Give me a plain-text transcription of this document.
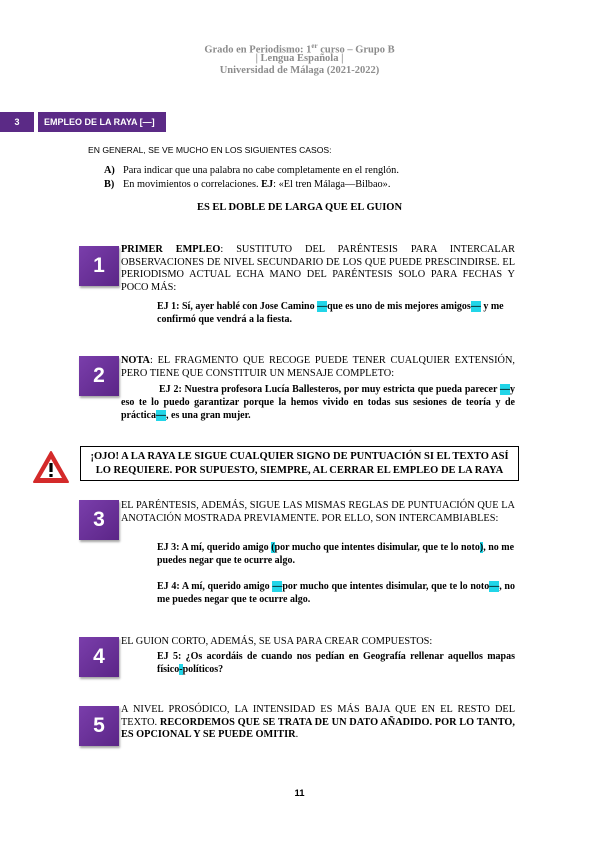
Grado en Periodismo: 1er curso – Grupo B
| Lengua Española |
Universidad de Málaga (2021-2022)
3	EMPLEO DE LA RAYA [—]
EN GENERAL, SE VE MUCHO EN LOS SIGUIENTES CASOS:
A) Para indicar que una palabra no cabe completamente en el renglón.
B) En movimientos o correlaciones. EJ: «El tren Málaga—Bilbao».
ES EL DOBLE DE LARGA QUE EL GUION
1
PRIMER EMPLEO: SUSTITUTO DEL PARÉNTESIS PARA INTERCALAR OBSERVACIONES DE NIVEL SECUNDARIO DE LOS QUE PUEDE PRESCINDIRSE. EL PERIODISMO ACTUAL ECHA MANO DEL PARÉNTESIS SOLO PARA FECHAS Y POCO MÁS:
EJ 1: Sí, ayer hablé con Jose Camino —que es uno de mis mejores amigos— y me confirmó que vendrá a la fiesta.
2
NOTA: EL FRAGMENTO QUE RECOGE PUEDE TENER CUALQUIER EXTENSIÓN, PERO TIENE QUE CONSTITUIR UN MENSAJE COMPLETO:
EJ 2: Nuestra profesora Lucía Ballesteros, por muy estricta que pueda parecer —y eso te lo puedo garantizar porque la hemos vivido en todas sus sesiones de teoría y de práctica—, es una gran mujer.
¡OJO! A LA RAYA LE SIGUE CUALQUIER SIGNO DE PUNTUACIÓN SI EL TEXTO ASÍ LO REQUIERE. POR SUPUESTO, SIEMPRE, AL CERRAR EL EMPLEO DE LA RAYA
3
EL PARÉNTESIS, ADEMÁS, SIGUE LAS MISMAS REGLAS DE PUNTUACIÓN QUE LA ANOTACIÓN MOSTRADA PREVIAMENTE. POR ELLO, SON INTERCAMBIABLES:
EJ 3: A mí, querido amigo (por mucho que intentes disimular, que te lo noto), no me puedes negar que te ocurre algo.
EJ 4: A mí, querido amigo —por mucho que intentes disimular, que te lo noto—, no me puedes negar que te ocurre algo.
4
EL GUION CORTO, ADEMÁS, SE USA PARA CREAR COMPUESTOS:
EJ 5: ¿Os acordáis de cuando nos pedían en Geografía rellenar aquellos mapas físico-políticos?
5
A NIVEL PROSÓDICO, LA INTENSIDAD ES MÁS BAJA QUE EN EL RESTO DEL TEXTO. RECORDEMOS QUE SE TRATA DE UN DATO AÑADIDO. POR LO TANTO, ES OPCIONAL Y SE PUEDE OMITIR.
11
